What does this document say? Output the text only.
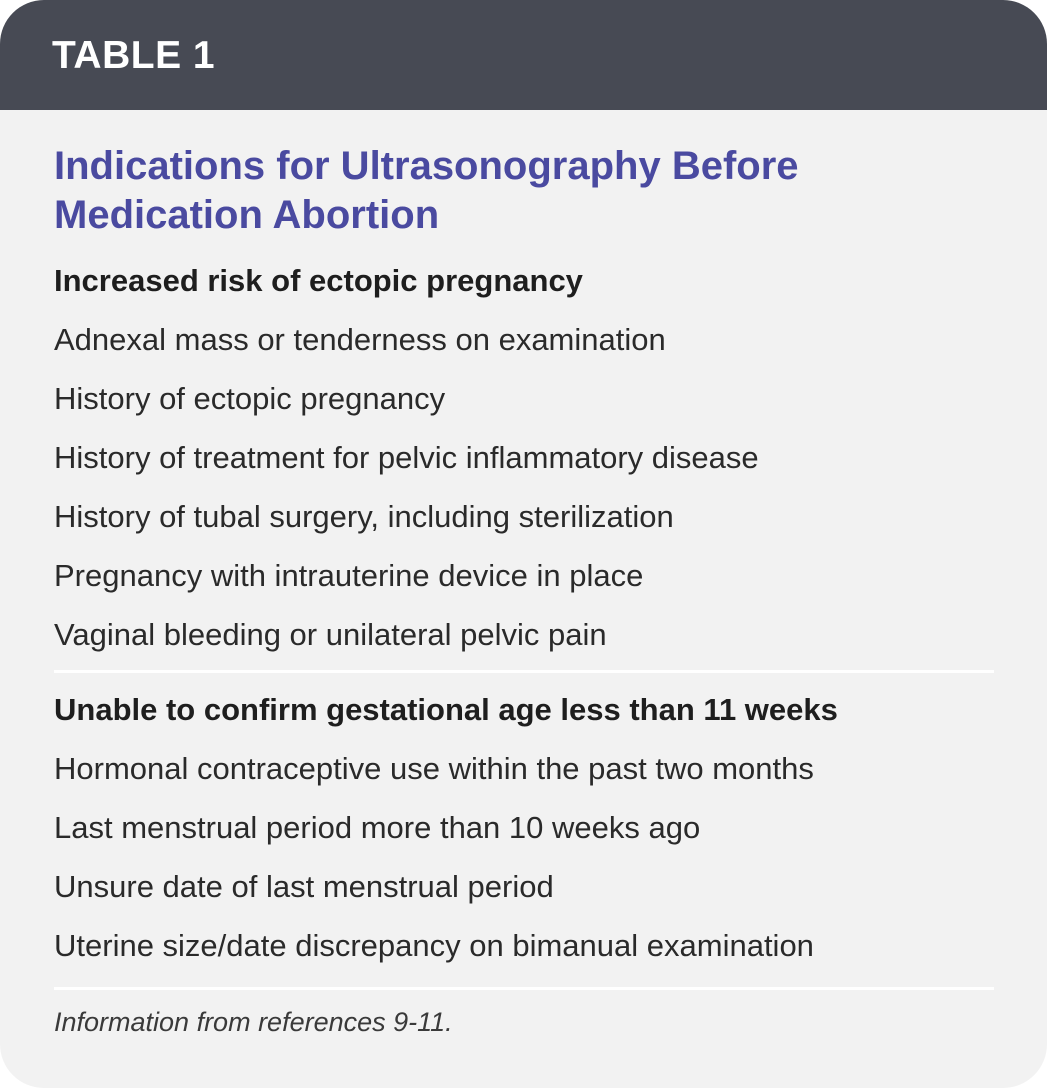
TABLE 1
Indications for Ultrasonography Before Medication Abortion
Increased risk of ectopic pregnancy
Adnexal mass or tenderness on examination
History of ectopic pregnancy
History of treatment for pelvic inflammatory disease
History of tubal surgery, including sterilization
Pregnancy with intrauterine device in place
Vaginal bleeding or unilateral pelvic pain
Unable to confirm gestational age less than 11 weeks
Hormonal contraceptive use within the past two months
Last menstrual period more than 10 weeks ago
Unsure date of last menstrual period
Uterine size/date discrepancy on bimanual examination
Information from references 9-11.
